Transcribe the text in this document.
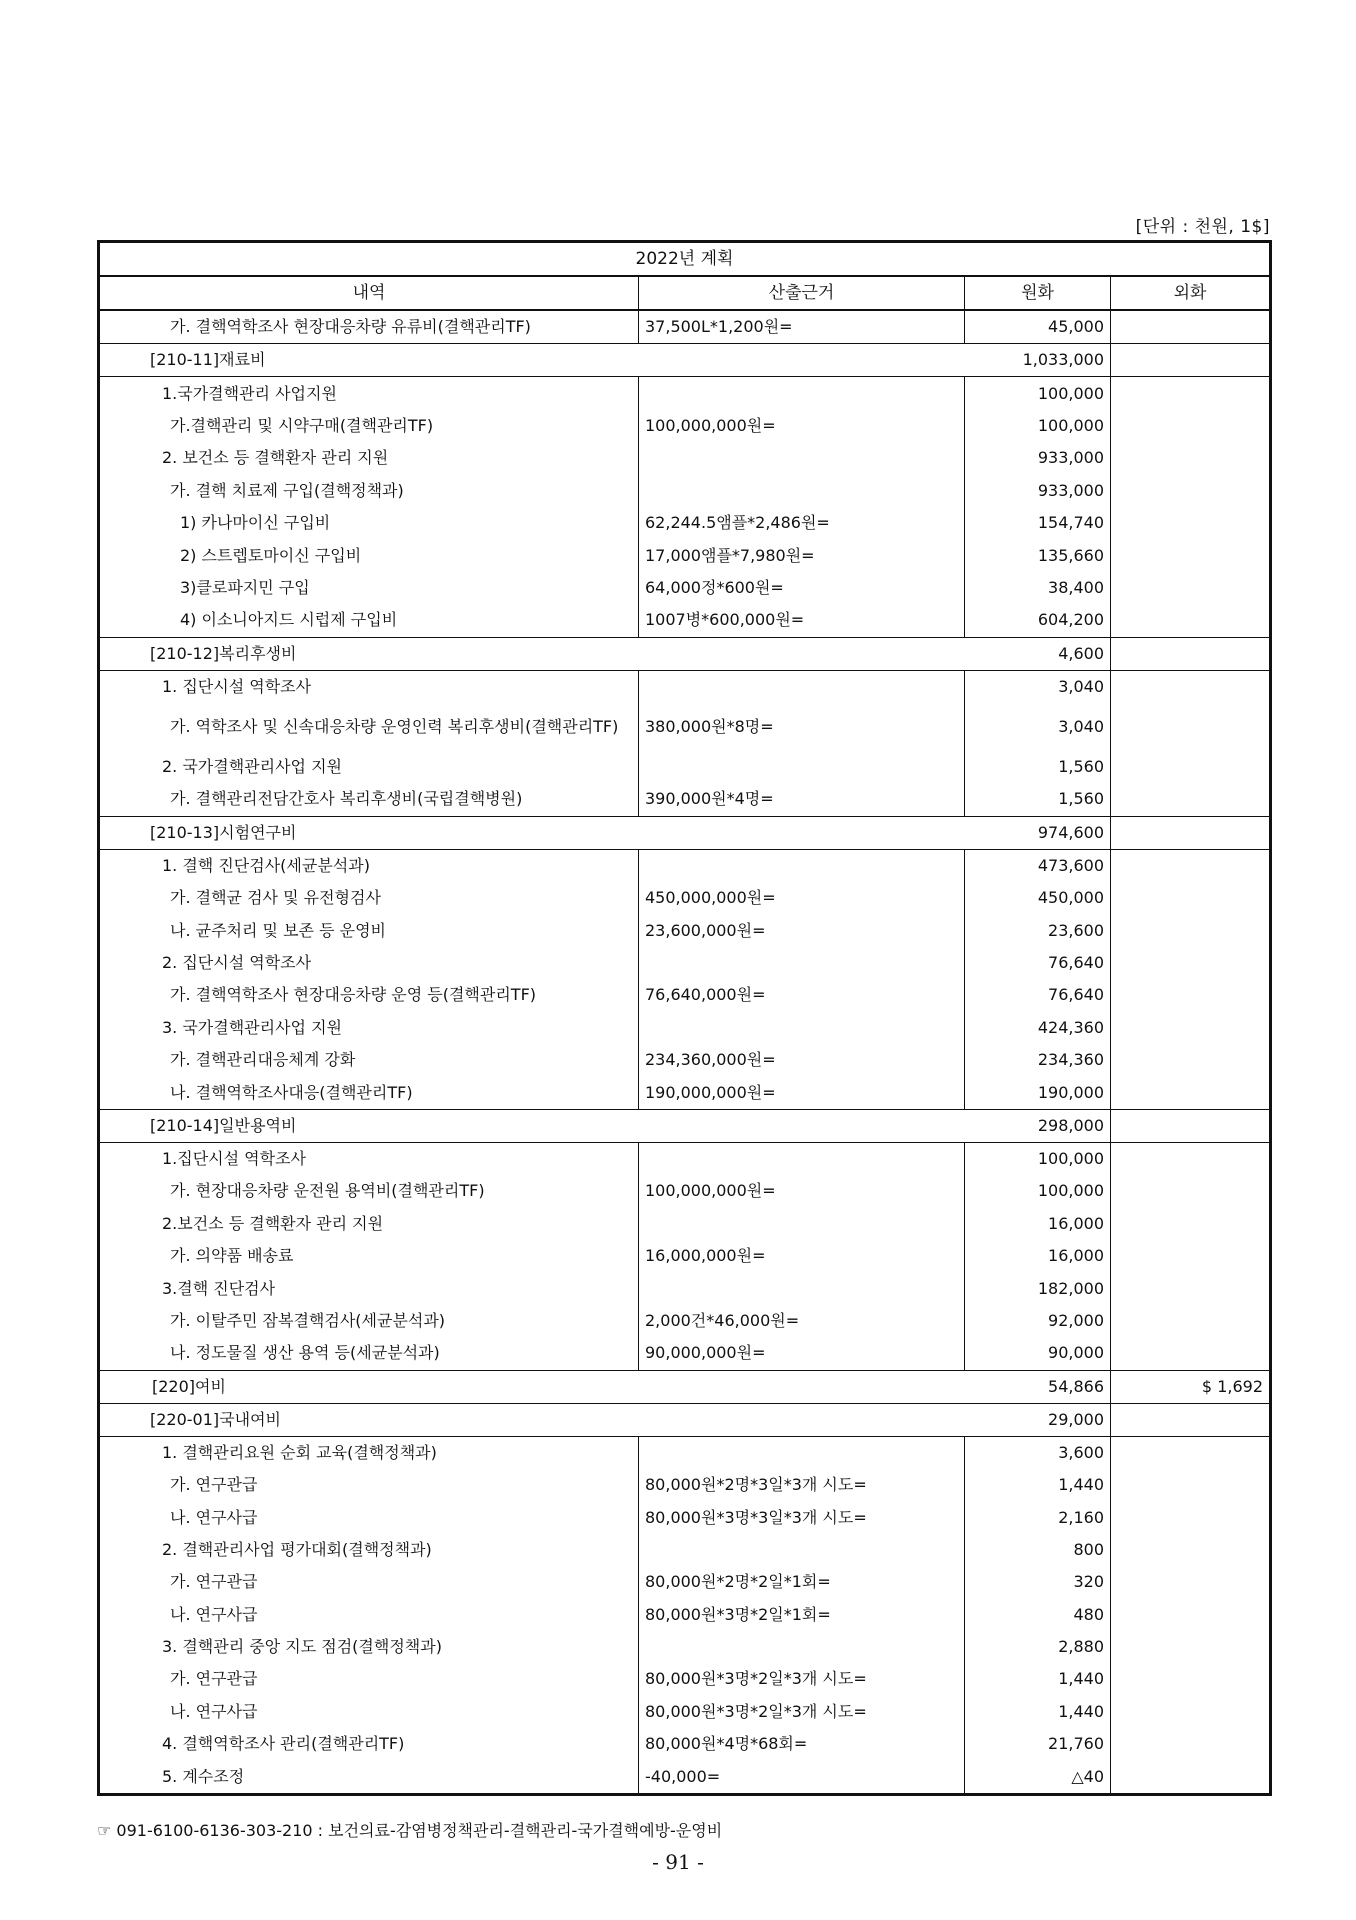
[단위 : 천원, 1$]
2022년 계획			
내역	산출근거	원화	외화
가. 결핵역학조사 현장대응차량 유류비(결핵관리TF)	37,500L*1,200원=	45,000	
[210-11]재료비		1,033,000	
1.국가결핵관리 사업지원		100,000	
가.결핵관리 및 시약구매(결핵관리TF)	100,000,000원=	100,000	
2. 보건소 등 결핵환자 관리 지원		933,000	
가. 결핵 치료제 구입(결핵정책과)		933,000	
1) 카나마이신 구입비	62,244.5앰플*2,486원=	154,740	
2) 스트렙토마이신 구입비	17,000앰플*7,980원=	135,660	
3)클로파지민 구입	64,000정*600원=	38,400	
4) 이소니아지드 시럽제 구입비	1007병*600,000원=	604,200	
[210-12]복리후생비		4,600	
1. 집단시설 역학조사		3,040	
가. 역학조사 및 신속대응차량 운영인력 복리후생비(결핵관리TF)	380,000원*8명=	3,040	
2. 국가결핵관리사업 지원		1,560	
가. 결핵관리전담간호사 복리후생비(국립결핵병원)	390,000원*4명=	1,560	
[210-13]시험연구비		974,600	
1. 결핵 진단검사(세균분석과)		473,600	
가. 결핵균 검사 및 유전형검사	450,000,000원=	450,000	
나. 균주처리 및 보존 등 운영비	23,600,000원=	23,600	
2. 집단시설 역학조사		76,640	
가. 결핵역학조사 현장대응차량 운영 등(결핵관리TF)	76,640,000원=	76,640	
3. 국가결핵관리사업 지원		424,360	
가. 결핵관리대응체계 강화	234,360,000원=	234,360	
나. 결핵역학조사대응(결핵관리TF)	190,000,000원=	190,000	
[210-14]일반용역비		298,000	
1.집단시설 역학조사		100,000	
가. 현장대응차량 운전원 용역비(결핵관리TF)	100,000,000원=	100,000	
2.보건소 등 결핵환자 관리 지원		16,000	
가. 의약품 배송료	16,000,000원=	16,000	
3.결핵 진단검사		182,000	
가. 이탈주민 잠복결핵검사(세균분석과)	2,000건*46,000원=	92,000	
나. 정도물질 생산 용역 등(세균분석과)	90,000,000원=	90,000	
[220]여비		54,866	$ 1,692
[220-01]국내여비		29,000	
1. 결핵관리요원 순회 교육(결핵정책과)		3,600	
가. 연구관급	80,000원*2명*3일*3개 시도=	1,440	
나. 연구사급	80,000원*3명*3일*3개 시도=	2,160	
2. 결핵관리사업 평가대회(결핵정책과)		800	
가. 연구관급	80,000원*2명*2일*1회=	320	
나. 연구사급	80,000원*3명*2일*1회=	480	
3. 결핵관리 중앙 지도 점검(결핵정책과)		2,880	
가. 연구관급	80,000원*3명*2일*3개 시도=	1,440	
나. 연구사급	80,000원*3명*2일*3개 시도=	1,440	
4. 결핵역학조사 관리(결핵관리TF)	80,000원*4명*68회=	21,760	
5. 계수조정	-40,000=	△40	
☞ 091-6100-6136-303-210 : 보건의료-감염병정책관리-결핵관리-국가결핵예방-운영비
- 91 -
